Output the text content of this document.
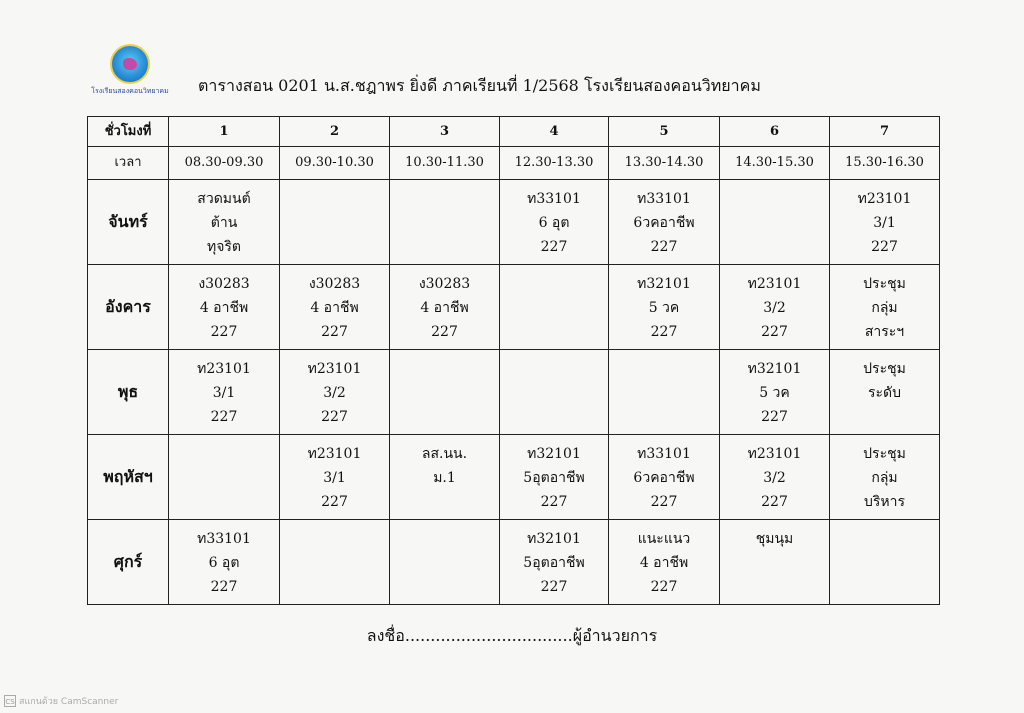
โรงเรียนสองคอนวิทยาคม ตารางสอน 0201 น.ส.ชฎาพร ยิ่งดี ภาคเรียนที่ 1/2568 โรงเรียนสองคอนวิทยาคม
ชั่วโมงที่	1	2	3	4	5	6	7
เวลา	08.30-09.30	09.30-10.30	10.30-11.30	12.30-13.30	13.30-14.30	14.30-15.30	15.30-16.30
จันทร์	สวดมนต์
ต้าน
ทุจริต			ท33101
6 อุต
227	ท33101
6วคอาชีพ
227		ท23101
3/1
227

อังคาร	ง30283
4 อาชีพ
227	ง30283
4 อาชีพ
227	ง30283
4 อาชีพ
227		ท32101
5 วค
227	ท23101
3/2
227	ประชุม
กลุ่ม
สาระฯ

พุธ	ท23101
3/1
227	ท23101
3/2
227				ท32101
5 วค
227	ประชุม
ระดับ

พฤหัสฯ		ท23101
3/1
227	ลส.นน.
ม.1	ท32101
5อุตอาชีพ
227	ท33101
6วคอาชีพ
227	ท23101
3/2
227	ประชุม
กลุ่ม
บริหาร

ศุกร์	ท33101
6 อุต
227			ท32101
5อุตอาชีพ
227	แนะแนว
4 อาชีพ
227	ชุมนุม	

ลงชื่อ.................................ผู้อำนวยการ
CS สแกนด้วย CamScanner
